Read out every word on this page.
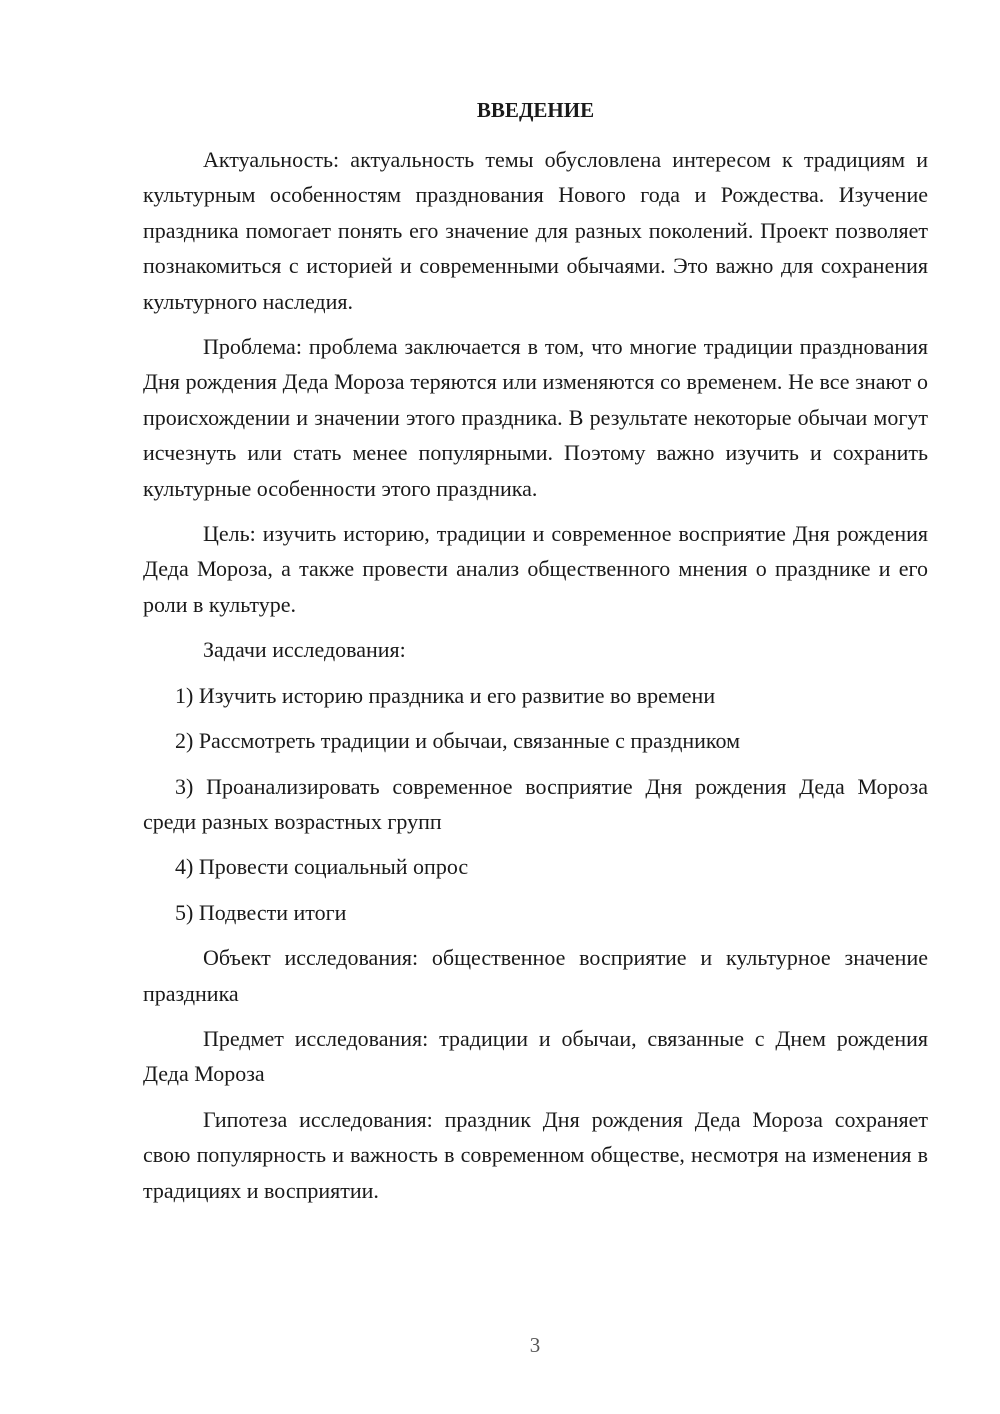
ВВЕДЕНИЕ

Актуальность: актуальность темы обусловлена интересом к традициям и культурным особенностям празднования Нового года и Рождества. Изучение праздника помогает понять его значение для разных поколений. Проект позволяет познакомиться с историей и современными обычаями. Это важно для сохранения культурного наследия.

Проблема: проблема заключается в том, что многие традиции празднования Дня рождения Деда Мороза теряются или изменяются со временем. Не все знают о происхождении и значении этого праздника. В результате некоторые обычаи могут исчезнуть или стать менее популярными. Поэтому важно изучить и сохранить культурные особенности этого праздника.

Цель: изучить историю, традиции и современное восприятие Дня рождения Деда Мороза, а также провести анализ общественного мнения о празднике и его роли в культуре.

Задачи исследования:

1) Изучить историю праздника и его развитие во времени

2) Рассмотреть традиции и обычаи, связанные с праздником

3) Проанализировать современное восприятие Дня рождения Деда Мороза среди разных возрастных групп

4) Провести социальный опрос

5) Подвести итоги

Объект исследования: общественное восприятие и культурное значение праздника

Предмет исследования: традиции и обычаи, связанные с Днем рождения Деда Мороза

Гипотеза исследования: праздник Дня рождения Деда Мороза сохраняет свою популярность и важность в современном обществе, несмотря на изменения в традициях и восприятии.

3
